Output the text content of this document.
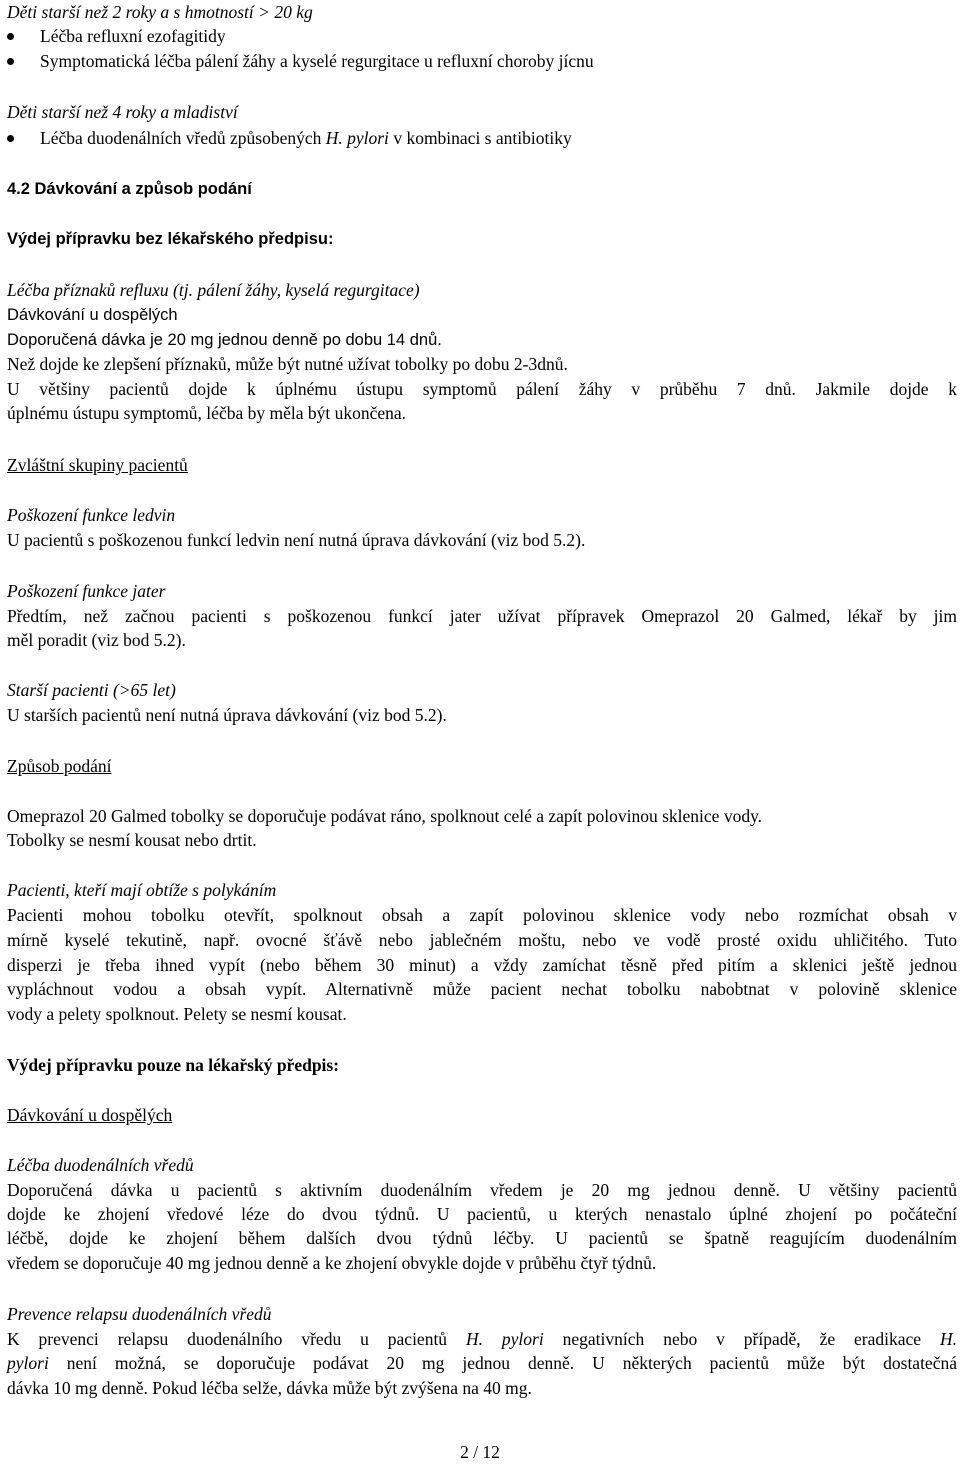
Děti starší než 2 roky a s hmotností > 20 kg
Léčba refluxní ezofagitidy
Symptomatická léčba pálení žáhy a kyselé regurgitace u refluxní choroby jícnu
Děti starší než 4 roky a mladiství
Léčba duodenálních vředů způsobených H. pylori v kombinaci s antibiotiky
4.2 Dávkování a způsob podání
Výdej přípravku bez lékařského předpisu:
Léčba příznaků refluxu (tj. pálení žáhy, kyselá regurgitace)
Dávkování u dospělých
Doporučená dávka je 20 mg jednou denně po dobu 14 dnů.
Než dojde ke zlepšení příznaků, může být nutné užívat tobolky po dobu 2-3dnů.
U většiny pacientů dojde k úplnému ústupu symptomů pálení žáhy v průběhu 7 dnů. Jakmile dojde k
úplnému ústupu symptomů, léčba by měla být ukončena.
Zvláštní skupiny pacientů
Poškození funkce ledvin
U pacientů s poškozenou funkcí ledvin není nutná úprava dávkování (viz bod 5.2).
Poškození funkce jater
Předtím, než začnou pacienti s poškozenou funkcí jater užívat přípravek Omeprazol 20 Galmed, lékař by jim
měl poradit (viz bod 5.2).
Starší pacienti (>65 let)
U starších pacientů není nutná úprava dávkování (viz bod 5.2).
Způsob podání
Omeprazol 20 Galmed tobolky se doporučuje podávat ráno, spolknout celé a zapít polovinou sklenice vody.
Tobolky se nesmí kousat nebo drtit.
Pacienti, kteří mají obtíže s polykáním
Pacienti mohou tobolku otevřít, spolknout obsah a zapít polovinou sklenice vody nebo rozmíchat obsah v
mírně kyselé tekutině, např. ovocné šťávě nebo jablečném moštu, nebo ve vodě prosté oxidu uhličitého. Tuto
disperzi je třeba ihned vypít (nebo během 30 minut) a vždy zamíchat těsně před pitím a sklenici ještě jednou
vypláchnout vodou a obsah vypít. Alternativně může pacient nechat tobolku nabobtnat v polovině sklenice
vody a pelety spolknout. Pelety se nesmí kousat.
Výdej přípravku pouze na lékařský předpis:
Dávkování u dospělých
Léčba duodenálních vředů
Doporučená dávka u pacientů s aktivním duodenálním vředem je 20 mg jednou denně. U většiny pacientů
dojde ke zhojení vředové léze do dvou týdnů. U pacientů, u kterých nenastalo úplné zhojení po počáteční
léčbě, dojde ke zhojení během dalších dvou týdnů léčby. U pacientů se špatně reagujícím duodenálním
vředem se doporučuje 40 mg jednou denně a ke zhojení obvykle dojde v průběhu čtyř týdnů.
Prevence relapsu duodenálních vředů
K prevenci relapsu duodenálního vředu u pacientů H. pylori negativních nebo v případě, že eradikace H.
pylori není možná, se doporučuje podávat 20 mg jednou denně. U některých pacientů může být dostatečná
dávka 10 mg denně. Pokud léčba selže, dávka může být zvýšena na 40 mg.
2 / 12
